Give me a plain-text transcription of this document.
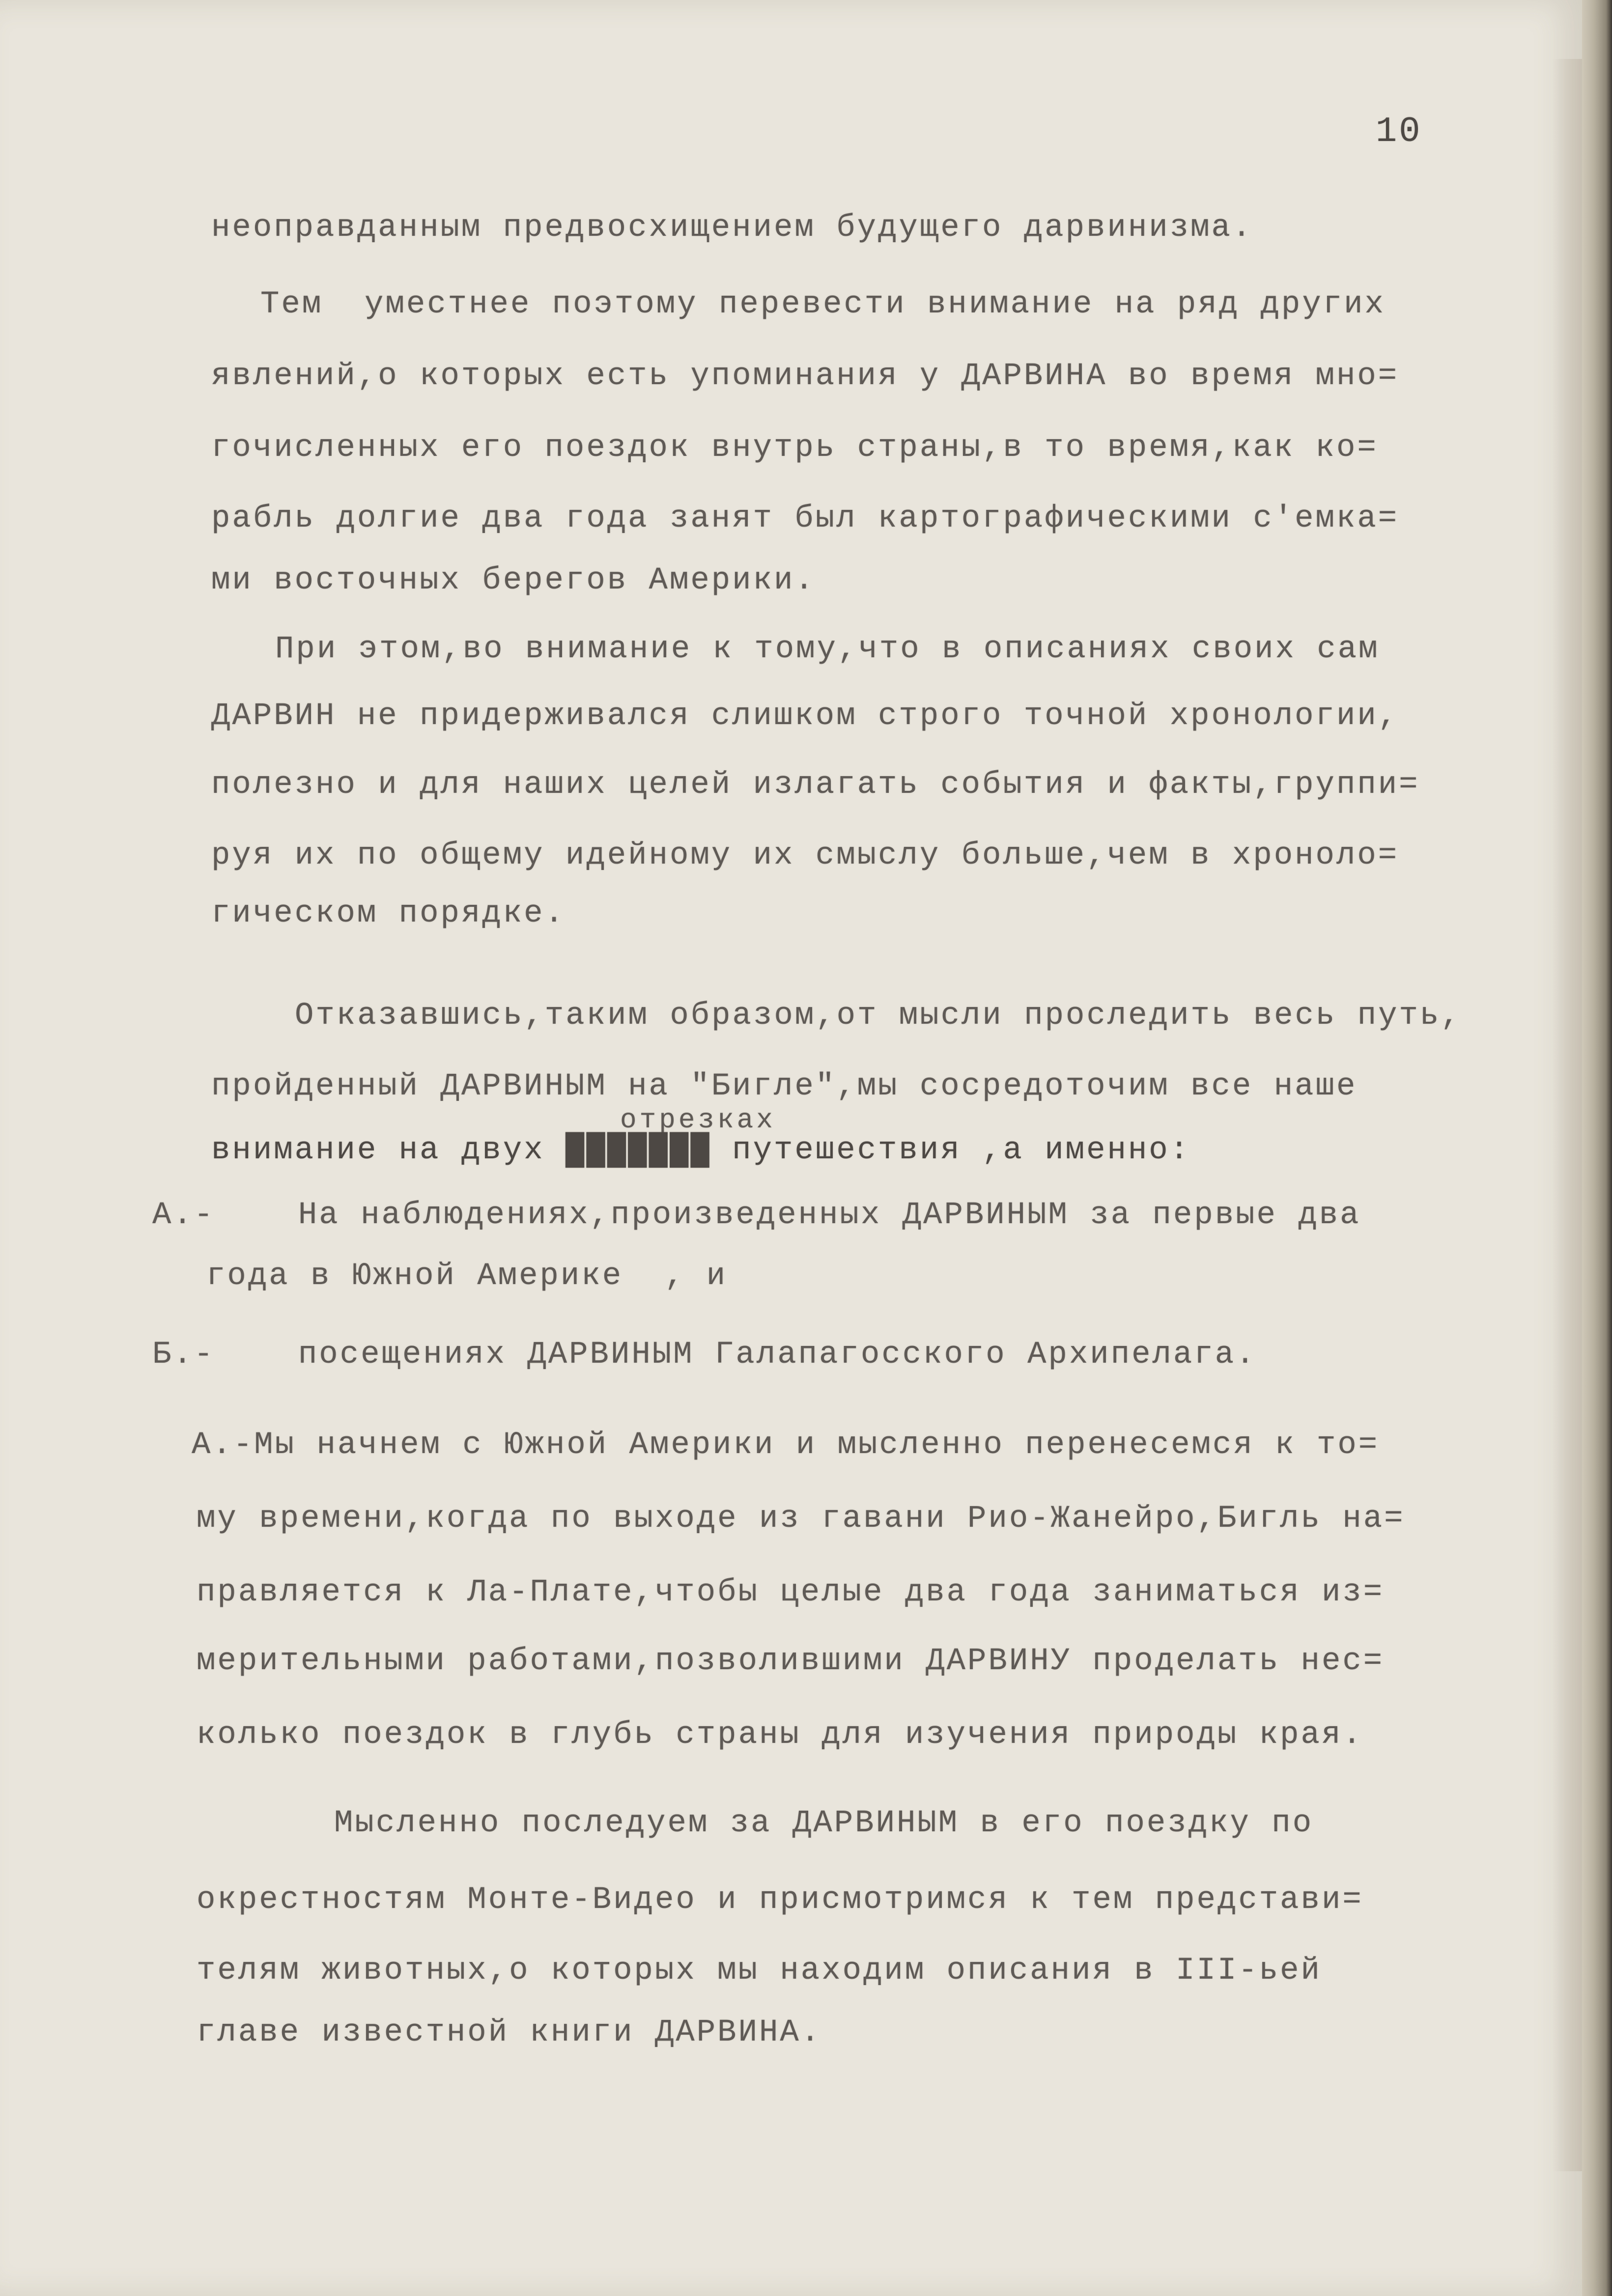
10
неоправданным предвосхищением будущего дарвинизма.
Тем  уместнее поэтому перевести внимание на ряд других
явлений,о которых есть упоминания у ДАРВИНА во время мно=
гочисленных его поездок внутрь страны,в то время,как ко=
рабль долгие два года занят был картографическими с'емка=
ми восточных берегов Америки.
При этом,во внимание к тому,что в описаниях своих сам
ДАРВИН не придерживался слишком строго точной хронологии,
полезно и для наших целей излагать события и факты,группи=
руя их по общему идейному их смыслу больше,чем в хроноло=
гическом порядке.
Отказавшись,таким образом,от мысли проследить весь путь,
пройденный ДАРВИНЫМ на "Бигле",мы сосредоточим все наше
отрезках
внимание на двух ███████ путешествия ,а именно:
А.-    На наблюдениях,произведенных ДАРВИНЫМ за первые два
года в Южной Америке  , и
Б.-    посещениях ДАРВИНЫМ Галапагосского Архипелага.
А.-Мы начнем с Южной Америки и мысленно перенесемся к то=
му времени,когда по выходе из гавани Рио-Жанейро,Бигль на=
правляется к Ла-Плате,чтобы целые два года заниматься из=
мерительными работами,позволившими ДАРВИНУ проделать нес=
колько поездок в глубь страны для изучения природы края.
Мысленно последуем за ДАРВИНЫМ в его поездку по
окрестностям Монте-Видео и присмотримся к тем представи=
телям животных,о которых мы находим описания в III-ьей
главе известной книги ДАРВИНА.
